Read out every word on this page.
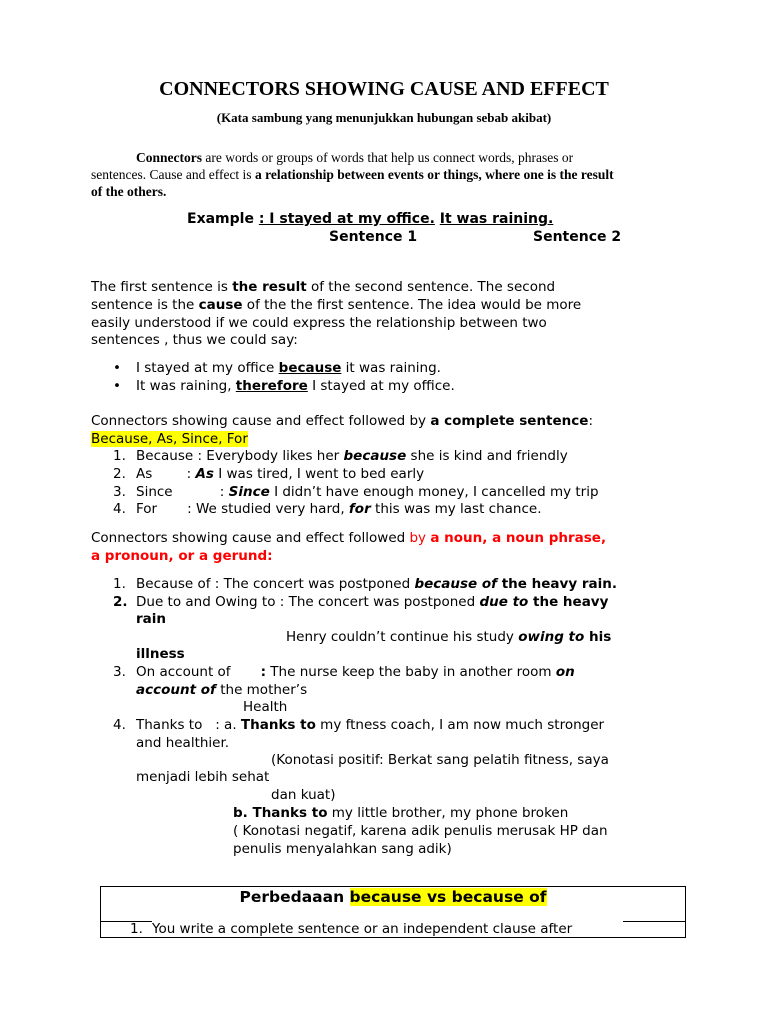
CONNECTORS SHOWING CAUSE AND EFFECT
(Kata sambung yang menunjukkan hubungan sebab akibat)
Connectors are words or groups of words that help us connect words, phrases or
sentences. Cause and effect is a relationship between events or things, where one is the result
of the others.
Example : I stayed at my office. It was raining.
Sentence 1	Sentence 2
The first sentence is the result of the second sentence. The second
sentence is the cause of the the first sentence. The idea would be more
easily understood if we could express the relationship between two
sentences , thus we could say:
• I stayed at my office because it was raining.
• It was raining, therefore I stayed at my office.
Connectors showing cause and effect followed by a complete sentence:
Because, As, Since, For
1. Because : Everybody likes her because she is kind and friendly
2. As        : As I was tired, I went to bed early
3. Since           : Since I didn’t have enough money, I cancelled my trip
4. For       : We studied very hard, for this was my last chance.
Connectors showing cause and effect followed by a noun, a noun phrase,
a pronoun, or a gerund:
1. Because of : The concert was postponed because of the heavy rain.
2. Due to and Owing to : The concert was postponed due to the heavy
rain
Henry couldn’t continue his study owing to his
illness
3. On account of       : The nurse keep the baby in another room on
account of the mother’s
Health
4. Thanks to   : a. Thanks to my ftness coach, I am now much stronger
and healthier.
(Konotasi positif: Berkat sang pelatih fitness, saya
menjadi lebih sehat
dan kuat)
b. Thanks to my little brother, my phone broken
( Konotasi negatif, karena adik penulis merusak HP dan
penulis menyalahkan sang adik)
Perbedaaan because vs because of
1. You write a complete sentence or an independent clause after
